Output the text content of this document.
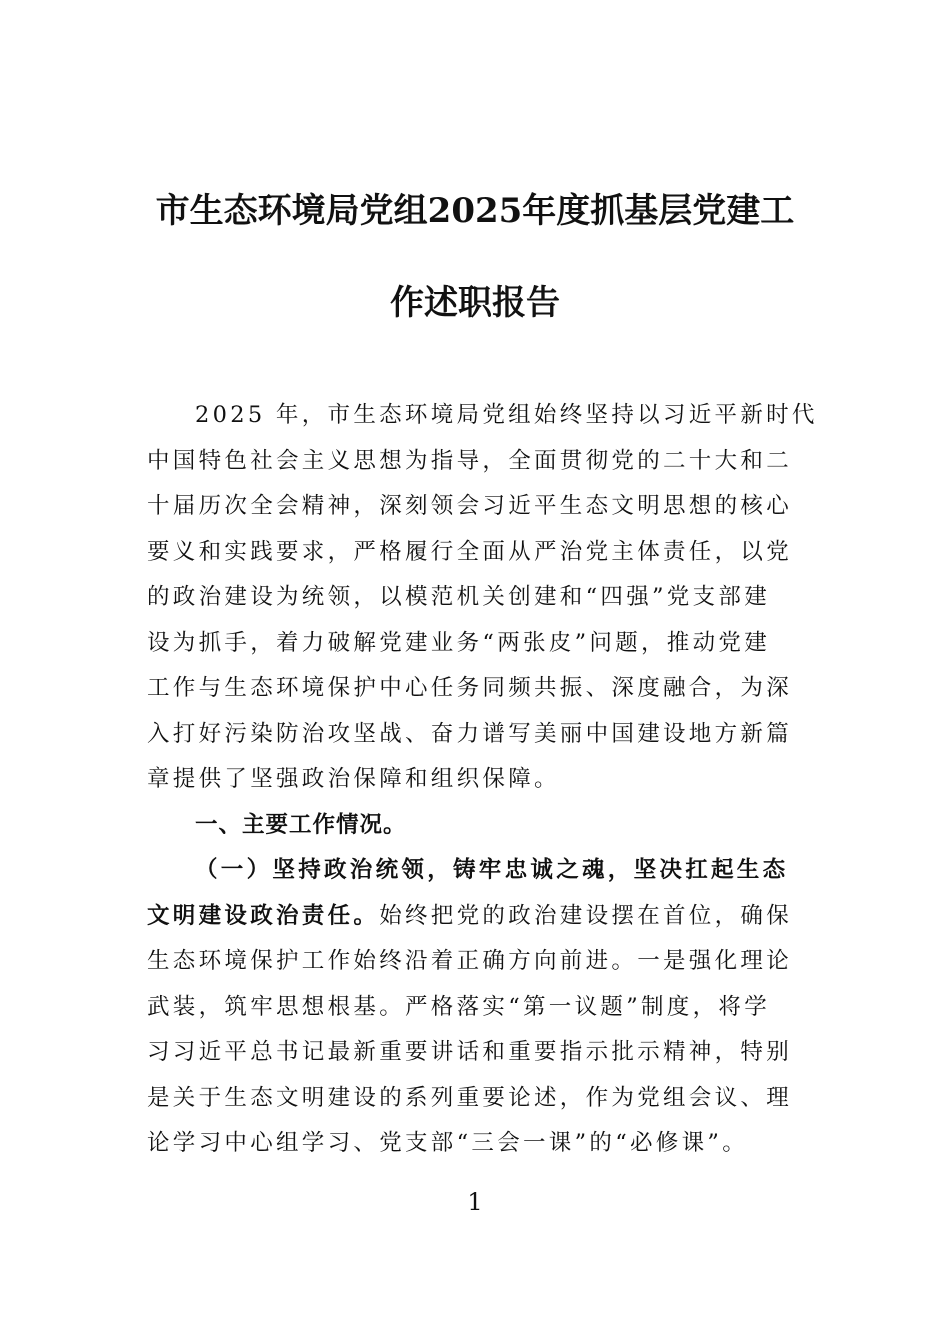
市生态环境局党组2025年度抓基层党建工
作述职报告
2025 年，市生态环境局党组始终坚持以习近平新时代
中国特色社会主义思想为指导，全面贯彻党的二十大和二
十届历次全会精神，深刻领会习近平生态文明思想的核心
要义和实践要求，严格履行全面从严治党主体责任，以党
的政治建设为统领，以模范机关创建和“四强”党支部建
设为抓手，着力破解党建业务“两张皮”问题，推动党建
工作与生态环境保护中心任务同频共振、深度融合，为深
入打好污染防治攻坚战、奋力谱写美丽中国建设地方新篇
章提供了坚强政治保障和组织保障。
一、主要工作情况。
（一）坚持政治统领，铸牢忠诚之魂，坚决扛起生态
文明建设政治责任。始终把党的政治建设摆在首位，确保
生态环境保护工作始终沿着正确方向前进。一是强化理论
武装，筑牢思想根基。严格落实“第一议题”制度，将学
习习近平总书记最新重要讲话和重要指示批示精神，特别
是关于生态文明建设的系列重要论述，作为党组会议、理
论学习中心组学习、党支部“三会一课”的“必修课”。
1
